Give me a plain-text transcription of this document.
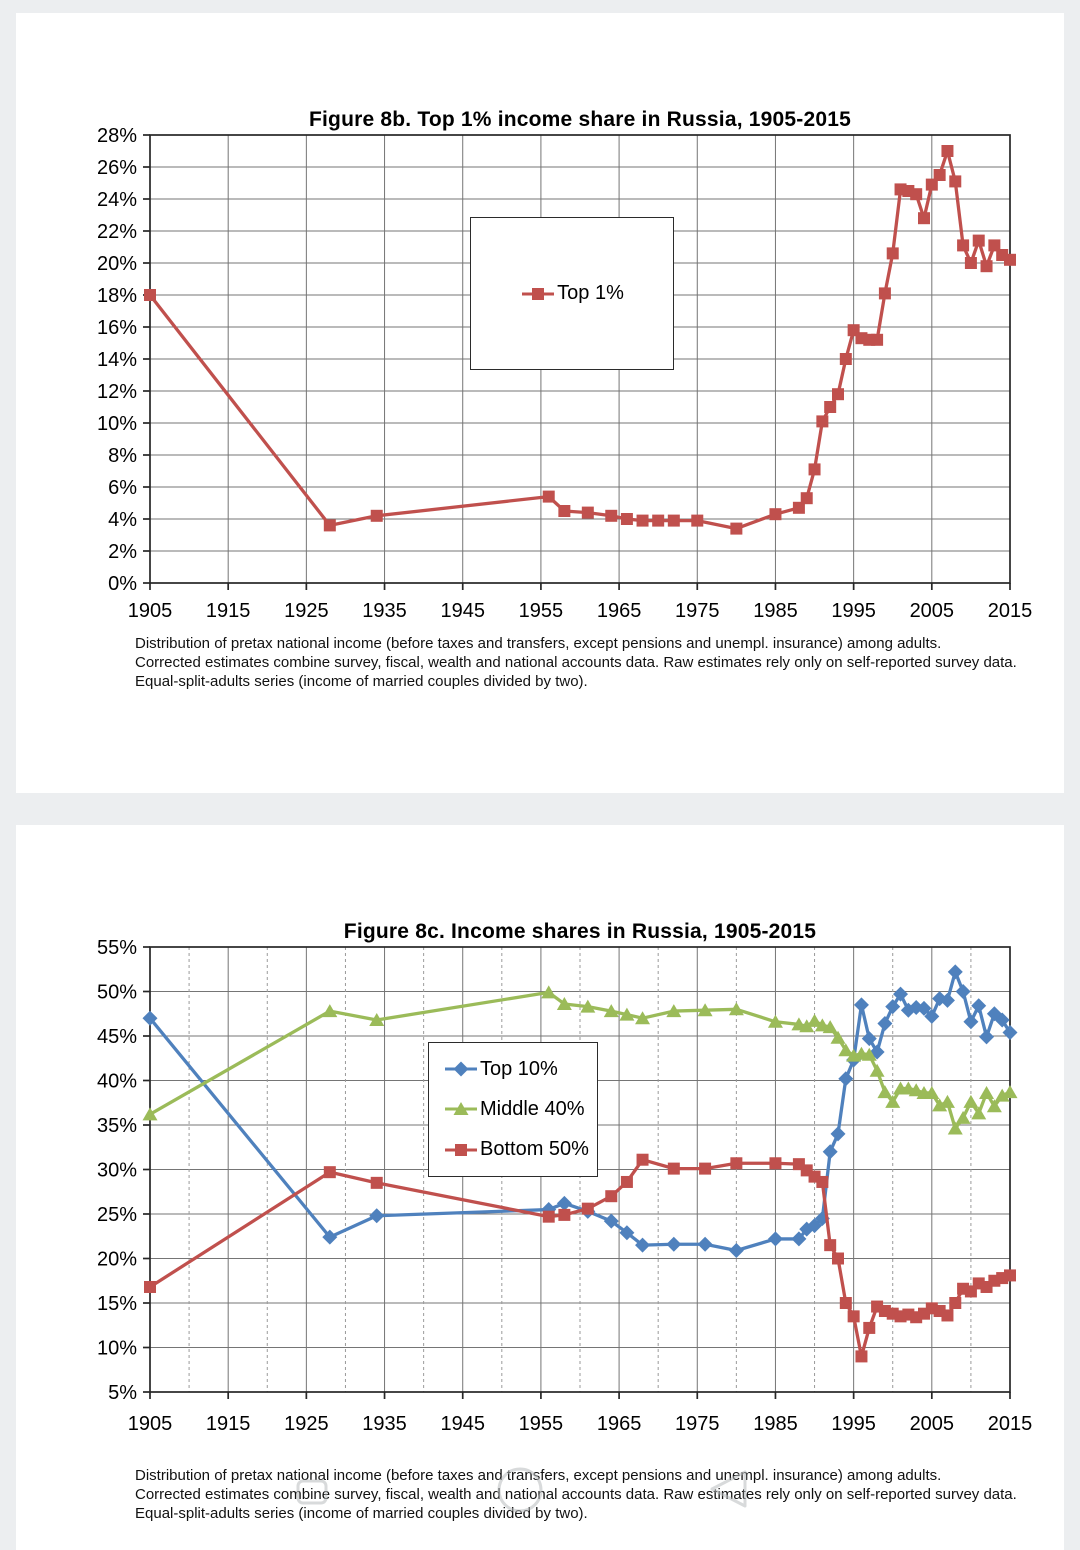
Figure 8b. Top 1% income share in Russia, 1905-2015
1905 1915 1925 1935 1945 1955 1965 1975 1985 1995 2005 2015
0%
2%
4%
6%
8%
10%
12%
14%
16%
18%
20%
22%
24%
26%
28%
Top 1%
Distribution of pretax national income (before taxes and transfers, except pensions and unempl. insurance) among adults.
Corrected estimates combine survey, fiscal, wealth and national accounts data. Raw estimates rely only on self-reported survey data.
Equal-split-adults series (income of married couples divided by two).
Figure 8c. Income shares in Russia, 1905-2015
1905 1915 1925 1935 1945 1955 1965 1975 1985 1995 2005 2015
5%
10%
15%
20%
25%
30%
35%
40%
45%
50%
55%
Top 10%
Middle 40%
Bottom 50%
Distribution of pretax national income (before taxes and transfers, except pensions and unempl. insurance) among adults.
Corrected estimates combine survey, fiscal, wealth and national accounts data. Raw estimates rely only on self-reported survey data.
Equal-split-adults series (income of married couples divided by two).
